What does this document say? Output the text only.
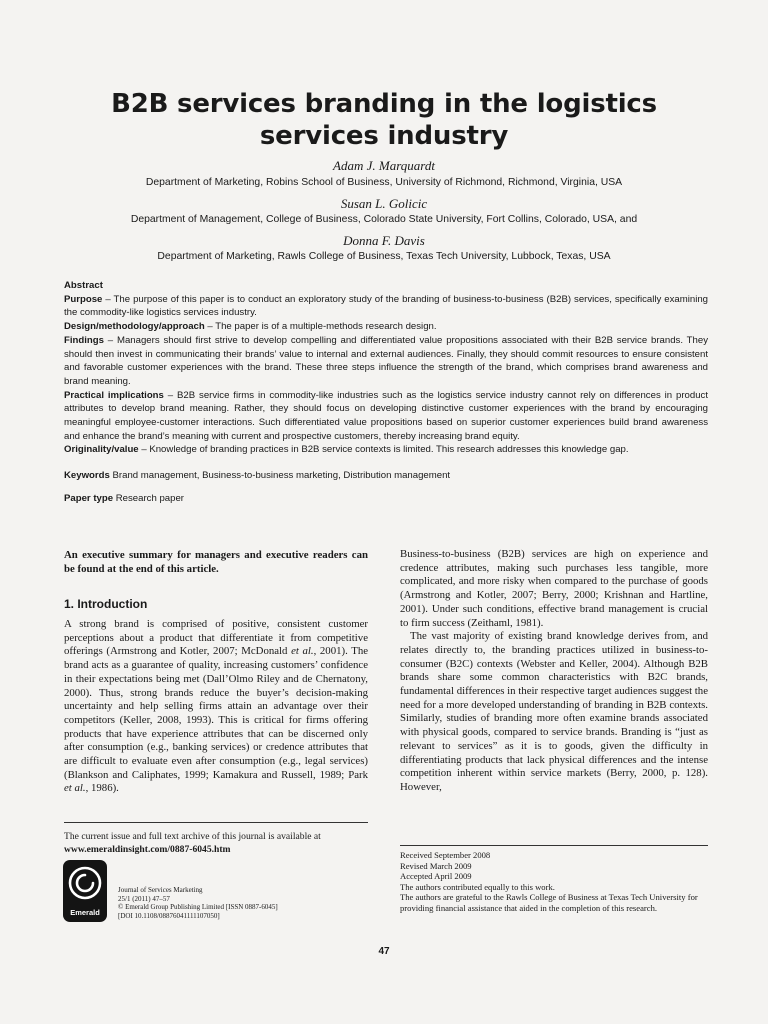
B2B services branding in the logistics
services industry
Adam J. Marquardt
Department of Marketing, Robins School of Business, University of Richmond, Richmond, Virginia, USA
Susan L. Golicic
Department of Management, College of Business, Colorado State University, Fort Collins, Colorado, USA, and
Donna F. Davis
Department of Marketing, Rawls College of Business, Texas Tech University, Lubbock, Texas, USA

Abstract

Purpose – The purpose of this paper is to conduct an exploratory study of the branding of business-to-business (B2B) services, specifically examining the commodity-like logistics services industry.

Design/methodology/approach – The paper is of a multiple-methods research design.

Findings – Managers should first strive to develop compelling and differentiated value propositions associated with their B2B service brands. They should then invest in communicating their brands’ value to internal and external audiences. Finally, they should commit resources to ensure consistent and favorable customer experiences with the brand. These three steps influence the strength of the brand, which comprises brand awareness and brand meaning.

Practical implications – B2B service firms in commodity-like industries such as the logistics service industry cannot rely on differences in product attributes to develop brand meaning. Rather, they should focus on developing distinctive customer experiences with the brand by encouraging meaningful employee-customer interactions. Such differentiated value propositions based on superior customer experiences build brand awareness and enhance the brand’s meaning with current and prospective customers, thereby increasing brand equity.

Originality/value – Knowledge of branding practices in B2B service contexts is limited. This research addresses this knowledge gap.

Keywords Brand management, Business-to-business marketing, Distribution management
Paper type Research paper
An executive summary for managers and executive readers can be found at the end of this article.
1. Introduction

A strong brand is comprised of positive, consistent customer perceptions about a product that differentiate it from competitive offerings (Armstrong and Kotler, 2007; McDonald et al., 2001). The brand acts as a guarantee of quality, increasing customers’ confidence in their expectations being met (Dall’Olmo Riley and de Chernatony, 2000). Thus, strong brands reduce the buyer’s decision-making uncertainty and help selling firms attain an advantage over their competitors (Keller, 2008, 1993). This is critical for firms offering products that have experience attributes that can be discerned only after consumption (e.g., banking services) or credence attributes that are difficult to evaluate even after consumption (e.g., legal services) (Blankson and Caliphates, 1999; Kamakura and Russell, 1989; Park et al., 1986).

Business-to-business (B2B) services are high on experience and credence attributes, making such purchases less tangible, more complicated, and more risky when compared to the purchase of goods (Armstrong and Kotler, 2007; Berry, 2000; Krishnan and Hartline, 2001). Under such conditions, effective brand management is crucial to firm success (Zeithaml, 1981).

The vast majority of existing brand knowledge derives from, and relates directly to, the branding practices utilized in business-to-consumer (B2C) contexts (Webster and Keller, 2004). Although B2B brands share some common characteristics with B2C brands, fundamental differences in their respective target audiences suggest the need for a more developed understanding of branding in B2B contexts. Similarly, studies of branding more often examine brands associated with physical goods, compared to service brands. Branding is “just as relevant to services” as it is to goods, given the difficulty in differentiating products that lack physical differences and the intense competition inherent within service markets (Berry, 2000, p. 128). However,

The current issue and full text archive of this journal is available at
www.emeraldinsight.com/0887-6045.htm
Emerald
Journal of Services Marketing
25/1 (2011) 47–57
© Emerald Group Publishing Limited [ISSN 0887-6045]
[DOI 10.1108/08876041111107050]

Received September 2008

Revised March 2009

Accepted April 2009

The authors contributed equally to this work.

The authors are grateful to the Rawls College of Business at Texas Tech University for providing financial assistance that aided in the completion of this research.

47
